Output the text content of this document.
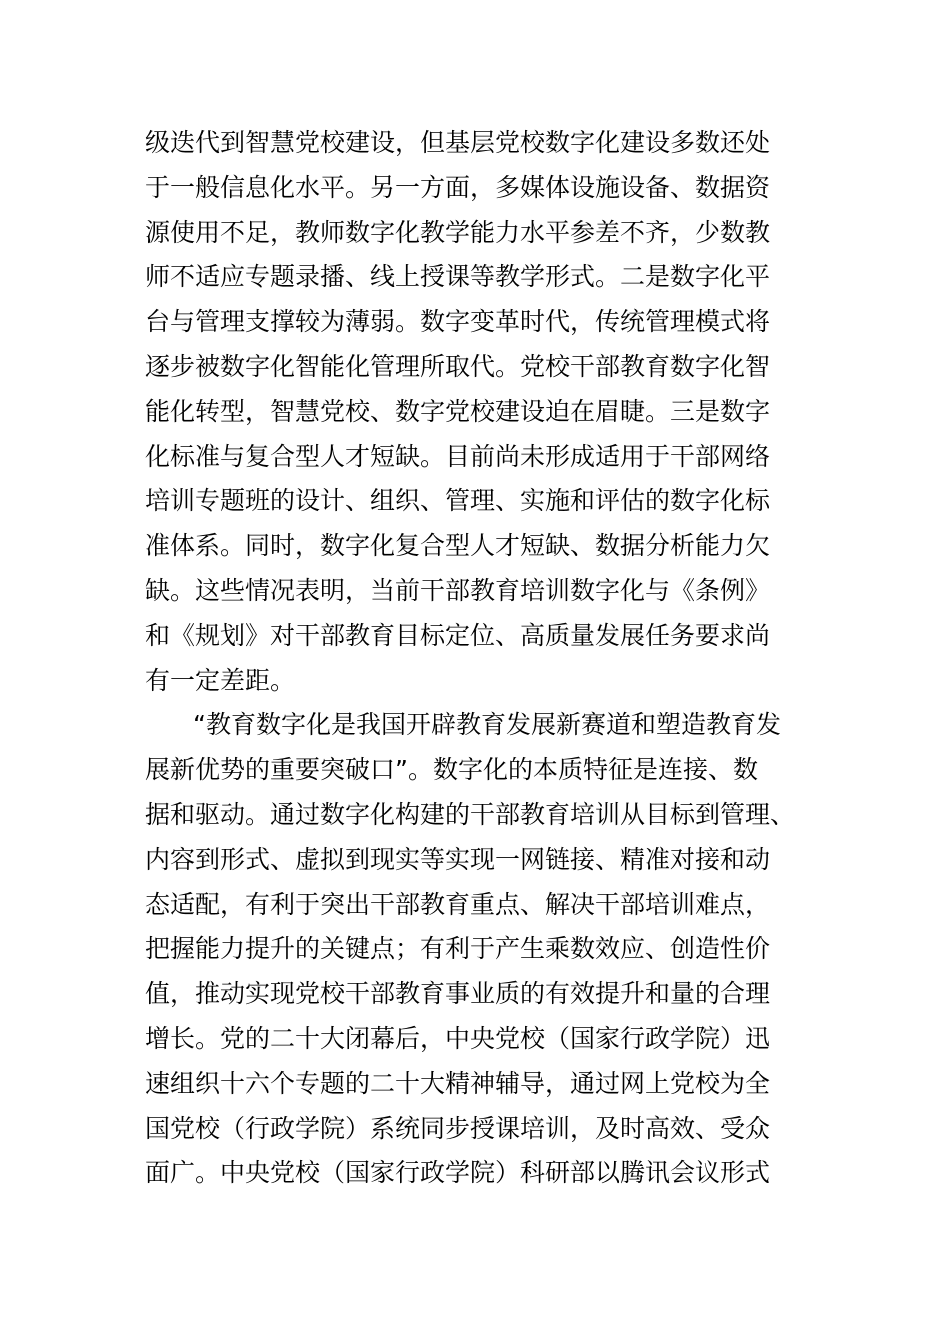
级迭代到智慧党校建设，但基层党校数字化建设多数还处
于一般信息化水平。另一方面，多媒体设施设备、数据资
源使用不足，教师数字化教学能力水平参差不齐，少数教
师不适应专题录播、线上授课等教学形式。二是数字化平
台与管理支撑较为薄弱。数字变革时代，传统管理模式将
逐步被数字化智能化管理所取代。党校干部教育数字化智
能化转型，智慧党校、数字党校建设迫在眉睫。三是数字
化标准与复合型人才短缺。目前尚未形成适用于干部网络
培训专题班的设计、组织、管理、实施和评估的数字化标
准体系。同时，数字化复合型人才短缺、数据分析能力欠
缺。这些情况表明，当前干部教育培训数字化与《条例》
和《规划》对干部教育目标定位、高质量发展任务要求尚
有一定差距。
“教育数字化是我国开辟教育发展新赛道和塑造教育发
展新优势的重要突破口”。数字化的本质特征是连接、数
据和驱动。通过数字化构建的干部教育培训从目标到管理、
内容到形式、虚拟到现实等实现一网链接、精准对接和动
态适配，有利于突出干部教育重点、解决干部培训难点，
把握能力提升的关键点；有利于产生乘数效应、创造性价
值，推动实现党校干部教育事业质的有效提升和量的合理
增长。党的二十大闭幕后，中央党校（国家行政学院）迅
速组织十六个专题的二十大精神辅导，通过网上党校为全
国党校（行政学院）系统同步授课培训，及时高效、受众
面广。中央党校（国家行政学院）科研部以腾讯会议形式
